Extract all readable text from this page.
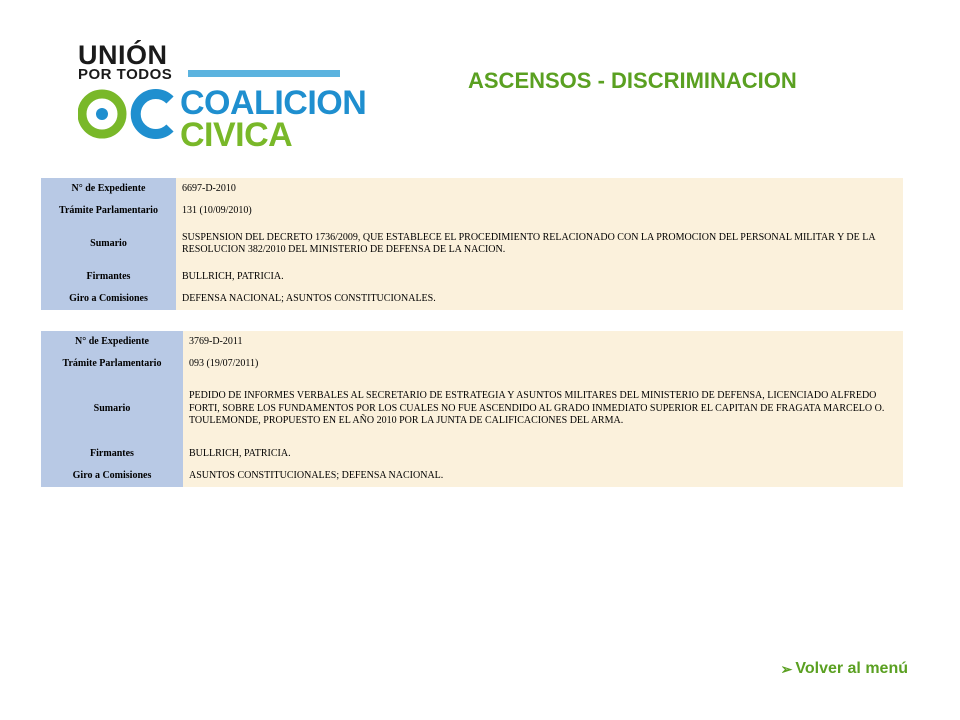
UNIÓN
POR TODOS
COALICION
CIVICA
ASCENSOS - DISCRIMINACION
N° de Expediente	6697-D-2010
Trámite Parlamentario	131 (10/09/2010)
Sumario	SUSPENSION DEL DECRETO 1736/2009, QUE ESTABLECE EL PROCEDIMIENTO RELACIONADO CON LA PROMOCION DEL PERSONAL MILITAR Y DE LA RESOLUCION 382/2010 DEL MINISTERIO DE DEFENSA DE LA NACION.
Firmantes	BULLRICH, PATRICIA.
Giro a Comisiones	DEFENSA NACIONAL; ASUNTOS CONSTITUCIONALES.
N° de Expediente	3769-D-2011
Trámite Parlamentario	093 (19/07/2011)
Sumario	PEDIDO DE INFORMES VERBALES AL SECRETARIO DE ESTRATEGIA Y ASUNTOS MILITARES DEL MINISTERIO DE DEFENSA, LICENCIADO ALFREDO FORTI, SOBRE LOS FUNDAMENTOS POR LOS CUALES NO FUE ASCENDIDO AL GRADO INMEDIATO SUPERIOR EL CAPITAN DE FRAGATA MARCELO O. TOULEMONDE, PROPUESTO EN EL AÑO 2010 POR LA JUNTA DE CALIFICACIONES DEL ARMA.
Firmantes	BULLRICH, PATRICIA.
Giro a Comisiones	ASUNTOS CONSTITUCIONALES; DEFENSA NACIONAL.
➢ Volver al menú
